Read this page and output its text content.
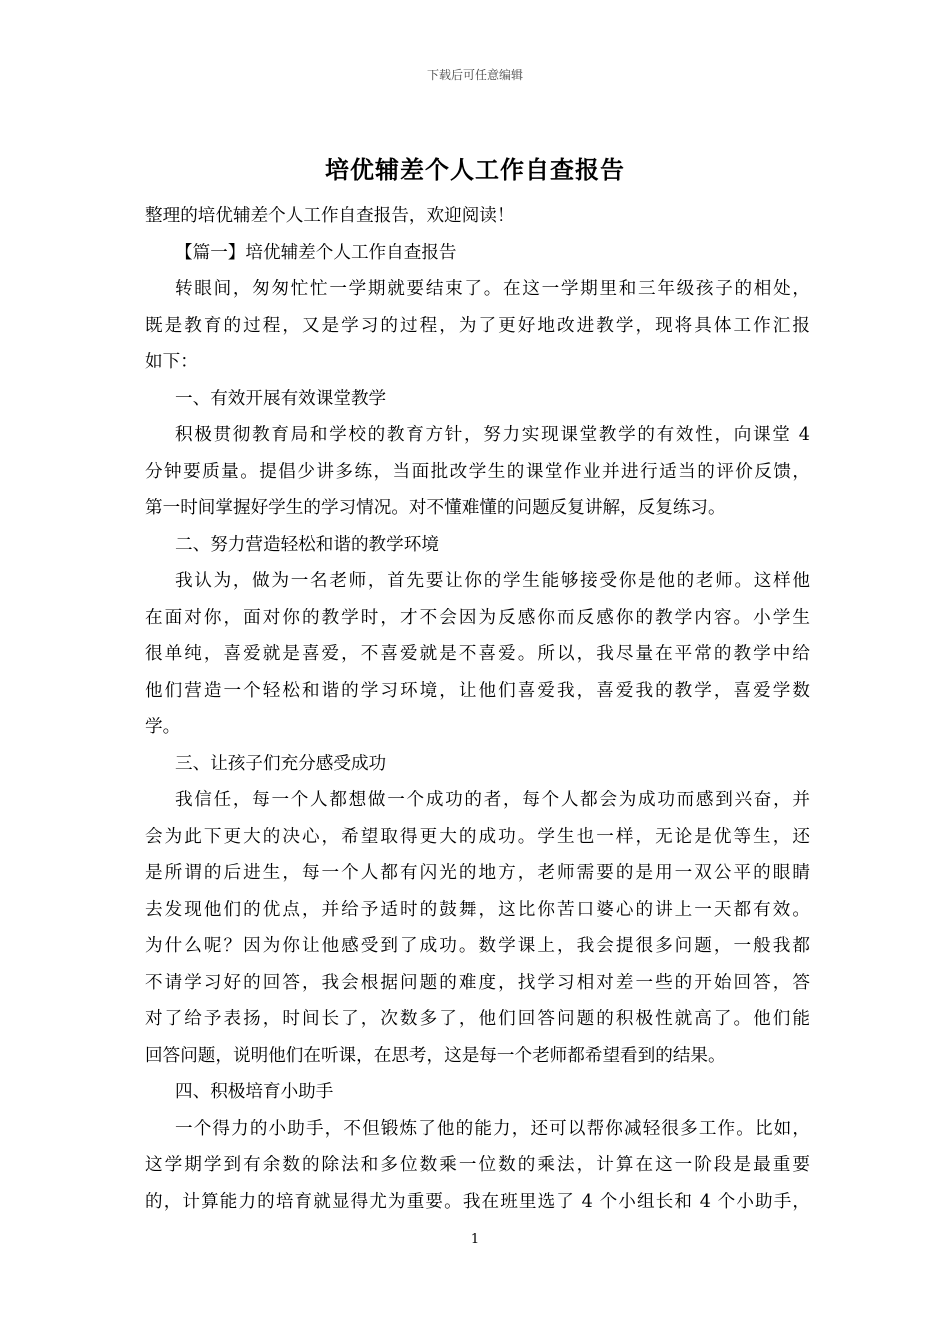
下载后可任意编辑
培优辅差个人工作自查报告
整理的培优辅差个人工作自查报告，欢迎阅读！
【篇一】培优辅差个人工作自查报告
转眼间，匆匆忙忙一学期就要结束了。在这一学期里和三年级孩子的相处，
既是教育的过程，又是学习的过程，为了更好地改进教学，现将具体工作汇报
如下：
一、有效开展有效课堂教学
积极贯彻教育局和学校的教育方针，努力实现课堂教学的有效性，向课堂 4
分钟要质量。提倡少讲多练，当面批改学生的课堂作业并进行适当的评价反馈，
第一时间掌握好学生的学习情况。对不懂难懂的问题反复讲解，反复练习。
二、努力营造轻松和谐的教学环境
我认为，做为一名老师，首先要让你的学生能够接受你是他的老师。这样他
在面对你，面对你的教学时，才不会因为反感你而反感你的教学内容。小学生
很单纯，喜爱就是喜爱，不喜爱就是不喜爱。所以，我尽量在平常的教学中给
他们营造一个轻松和谐的学习环境，让他们喜爱我，喜爱我的教学，喜爱学数
学。
三、让孩子们充分感受成功
我信任，每一个人都想做一个成功的者，每个人都会为成功而感到兴奋，并
会为此下更大的决心，希望取得更大的成功。学生也一样，无论是优等生，还
是所谓的后进生，每一个人都有闪光的地方，老师需要的是用一双公平的眼睛
去发现他们的优点，并给予适时的鼓舞，这比你苦口婆心的讲上一天都有效。
为什么呢？因为你让他感受到了成功。数学课上，我会提很多问题，一般我都
不请学习好的回答，我会根据问题的难度，找学习相对差一些的开始回答，答
对了给予表扬，时间长了，次数多了，他们回答问题的积极性就高了。他们能
回答问题，说明他们在听课，在思考，这是每一个老师都希望看到的结果。
四、积极培育小助手
一个得力的小助手，不但锻炼了他的能力，还可以帮你减轻很多工作。比如，
这学期学到有余数的除法和多位数乘一位数的乘法，计算在这一阶段是最重要
的，计算能力的培育就显得尤为重要。我在班里选了 4 个小组长和 4 个小助手，
1
